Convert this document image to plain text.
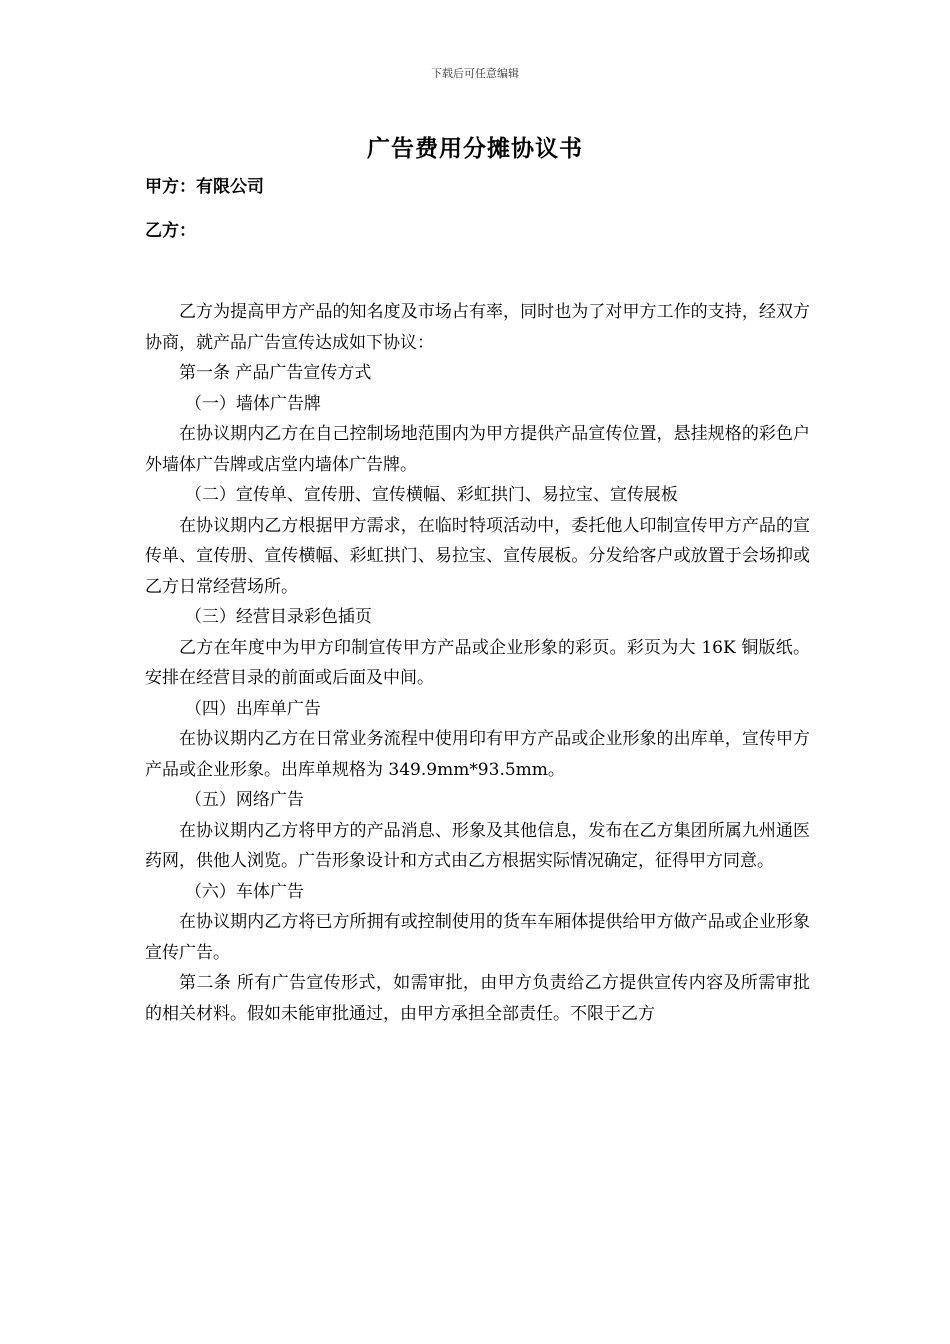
下载后可任意编辑
广告费用分摊协议书
甲方：有限公司
乙方：

乙方为提高甲方产品的知名度及市场占有率，同时也为了对甲方工作的支持，经双方协商，就产品广告宣传达成如下协议：

第一条 产品广告宣传方式

（一）墙体广告牌

在协议期内乙方在自己控制场地范围内为甲方提供产品宣传位置，悬挂规格的彩色户外墙体广告牌或店堂内墙体广告牌。

（二）宣传单、宣传册、宣传横幅、彩虹拱门、易拉宝、宣传展板

在协议期内乙方根据甲方需求，在临时特项活动中，委托他人印制宣传甲方产品的宣传单、宣传册、宣传横幅、彩虹拱门、易拉宝、宣传展板。分发给客户或放置于会场抑或乙方日常经营场所。

（三）经营目录彩色插页

乙方在年度中为甲方印制宣传甲方产品或企业形象的彩页。彩页为大 16K 铜版纸。安排在经营目录的前面或后面及中间。

（四）出库单广告

在协议期内乙方在日常业务流程中使用印有甲方产品或企业形象的出库单，宣传甲方产品或企业形象。出库单规格为 349.9mm*93.5mm。

（五）网络广告

在协议期内乙方将甲方的产品消息、形象及其他信息，发布在乙方集团所属九州通医药网，供他人浏览。广告形象设计和方式由乙方根据实际情况确定，征得甲方同意。

（六）车体广告

在协议期内乙方将已方所拥有或控制使用的货车车厢体提供给甲方做产品或企业形象宣传广告。

第二条 所有广告宣传形式，如需审批，由甲方负责给乙方提供宣传内容及所需审批的相关材料。假如未能审批通过，由甲方承担全部责任。不限于乙方
